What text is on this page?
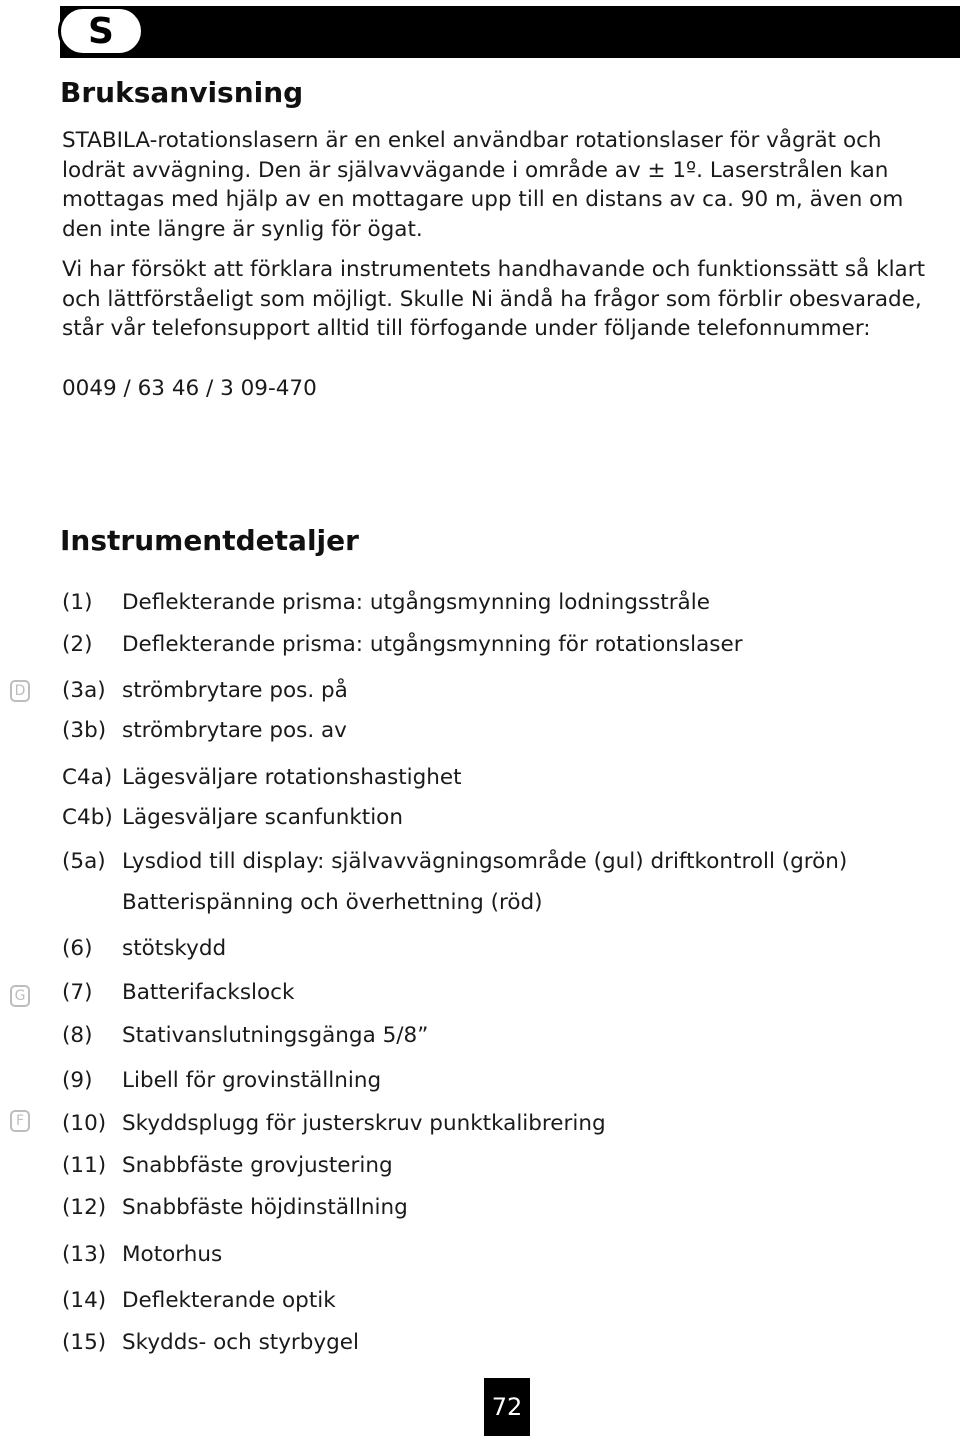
S
D
G
F
Bruksanvisning

STABILA-rotationslasern är en enkel användbar rotationslaser för vågrät och lodrät avvägning. Den är självavvägande i område av ± 1º. Laserstrålen kan mottagas med hjälp av en mottagare upp till en distans av ca. 90 m, även om den inte längre är synlig för ögat.

Vi har försökt att förklara instrumentets handhavande och funktionssätt så klart och lättförståeligt som möjligt. Skulle Ni ändå ha frågor som förblir obesvarade, står vår telefonsupport alltid till förfogande under följande telefonnummer:

0049 / 63 46 / 3 09-470

Instrumentdetaljer
(1) Deflekterande prisma: utgångsmynning lodningsstråle
(2) Deflekterande prisma: utgångsmynning för rotationslaser
(3a) strömbrytare pos. på
(3b) strömbrytare pos. av
C4a) Lägesväljare rotationshastighet
C4b) Lägesväljare scanfunktion
(5a) Lysdiod till display: självavvägningsområde (gul) driftkontroll (grön)
Batterispänning och överhettning (röd)
(6) stötskydd
(7) Batterifackslock
(8) Stativanslutningsgänga 5/8”
(9) Libell för grovinställning
(10) Skyddsplugg för justerskruv punktkalibrering
(11) Snabbfäste grovjustering
(12) Snabbfäste höjdinställning
(13) Motorhus
(14) Deflekterande optik
(15) Skydds- och styrbygel
72
